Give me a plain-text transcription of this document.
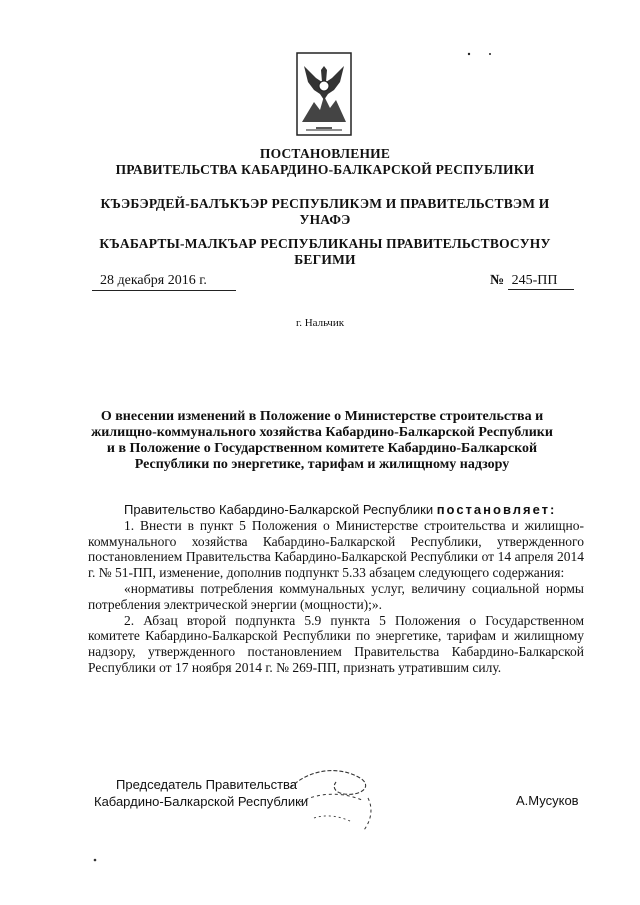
ПОСТАНОВЛЕНИЕ
ПРАВИТЕЛЬСТВА КАБАРДИНО-БАЛКАРСКОЙ РЕСПУБЛИКИ
КЪЭБЭРДЕЙ-БАЛЪКЪЭР РЕСПУБЛИКЭМ И ПРАВИТЕЛЬСТВЭМ И
УНАФЭ
КЪАБАРТЫ-МАЛКЪАР РЕСПУБЛИКАНЫ ПРАВИТЕЛЬСТВОСУНУ
БЕГИМИ
28 декабря 2016 г.	№ 245-ПП
г. Нальчик
О внесении изменений в Положение о Министерстве строительства и
жилищно-коммунального хозяйства Кабардино-Балкарской Республики
и в Положение о Государственном комитете Кабардино-Балкарской
Республики по энергетике, тарифам и жилищному надзору

Правительство Кабардино-Балкарской Республики постановляет:

1. Внести в пункт 5 Положения о Министерстве строительства и жилищно-коммунального хозяйства Кабардино-Балкарской Республики, утвержденного постановлением Правительства Кабардино-Балкарской Республики от 14 апреля 2014 г. № 51-ПП, изменение, дополнив подпункт 5.33 абзацем следующего содержания:

«нормативы потребления коммунальных услуг, величину социальной нормы потребления электрической энергии (мощности);».

2. Абзац второй подпункта 5.9 пункта 5 Положения о Государственном комитете Кабардино-Балкарской Республики по энергетике, тарифам и жилищному надзору, утвержденного постановлением Правительства Кабардино-Балкарской Республики от 17 ноября 2014 г. № 269-ПП, признать утратившим силу.

Председатель Правительства
Кабардино-Балкарской Республики	А.Мусуков
